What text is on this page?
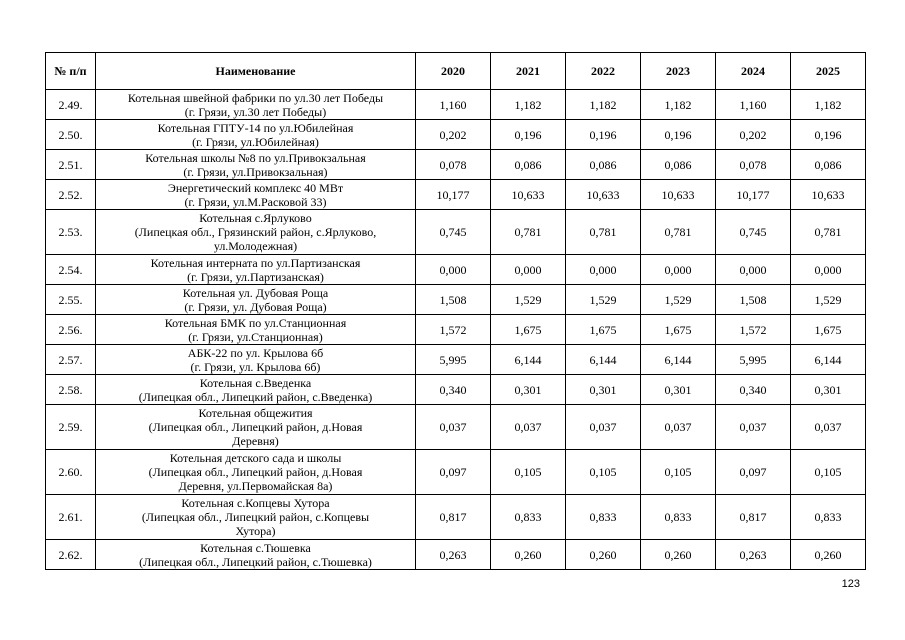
№ п/п	Наименование	2020	2021	2022	2023	2024	2025
2.49.	Котельная швейной фабрики по ул.30 лет Победы
(г. Грязи, ул.30 лет Победы)	1,160	1,182	1,182	1,182	1,160	1,182
2.50.	Котельная ГПТУ-14 по ул.Юбилейная
(г. Грязи, ул.Юбилейная)	0,202	0,196	0,196	0,196	0,202	0,196
2.51.	Котельная школы №8 по ул.Привокзальная
(г. Грязи, ул.Привокзальная)	0,078	0,086	0,086	0,086	0,078	0,086
2.52.	Энергетический комплекс 40 МВт
(г. Грязи, ул.М.Расковой 33)	10,177	10,633	10,633	10,633	10,177	10,633
2.53.	Котельная с.Ярлуково
(Липецкая обл., Грязинский район, с.Ярлуково,
ул.Молодежная)	0,745	0,781	0,781	0,781	0,745	0,781
2.54.	Котельная интерната по ул.Партизанская
(г. Грязи, ул.Партизанская)	0,000	0,000	0,000	0,000	0,000	0,000
2.55.	Котельная ул. Дубовая Роща
(г. Грязи, ул. Дубовая Роща)	1,508	1,529	1,529	1,529	1,508	1,529
2.56.	Котельная БМК по ул.Станционная
(г. Грязи, ул.Станционная)	1,572	1,675	1,675	1,675	1,572	1,675
2.57.	АБК-22 по ул. Крылова 6б
(г. Грязи, ул. Крылова 6б)	5,995	6,144	6,144	6,144	5,995	6,144
2.58.	Котельная с.Введенка
(Липецкая обл., Липецкий район, с.Введенка)	0,340	0,301	0,301	0,301	0,340	0,301
2.59.	Котельная общежития
(Липецкая обл., Липецкий район, д.Новая
Деревня)	0,037	0,037	0,037	0,037	0,037	0,037
2.60.	Котельная детского сада и школы
(Липецкая обл., Липецкий район, д.Новая
Деревня, ул.Первомайская 8а)	0,097	0,105	0,105	0,105	0,097	0,105
2.61.	Котельная с.Копцевы Хутора
(Липецкая обл., Липецкий район, с.Копцевы
Хутора)	0,817	0,833	0,833	0,833	0,817	0,833
2.62.	Котельная с.Тюшевка
(Липецкая обл., Липецкий район, с.Тюшевка)	0,263	0,260	0,260	0,260	0,263	0,260
123
